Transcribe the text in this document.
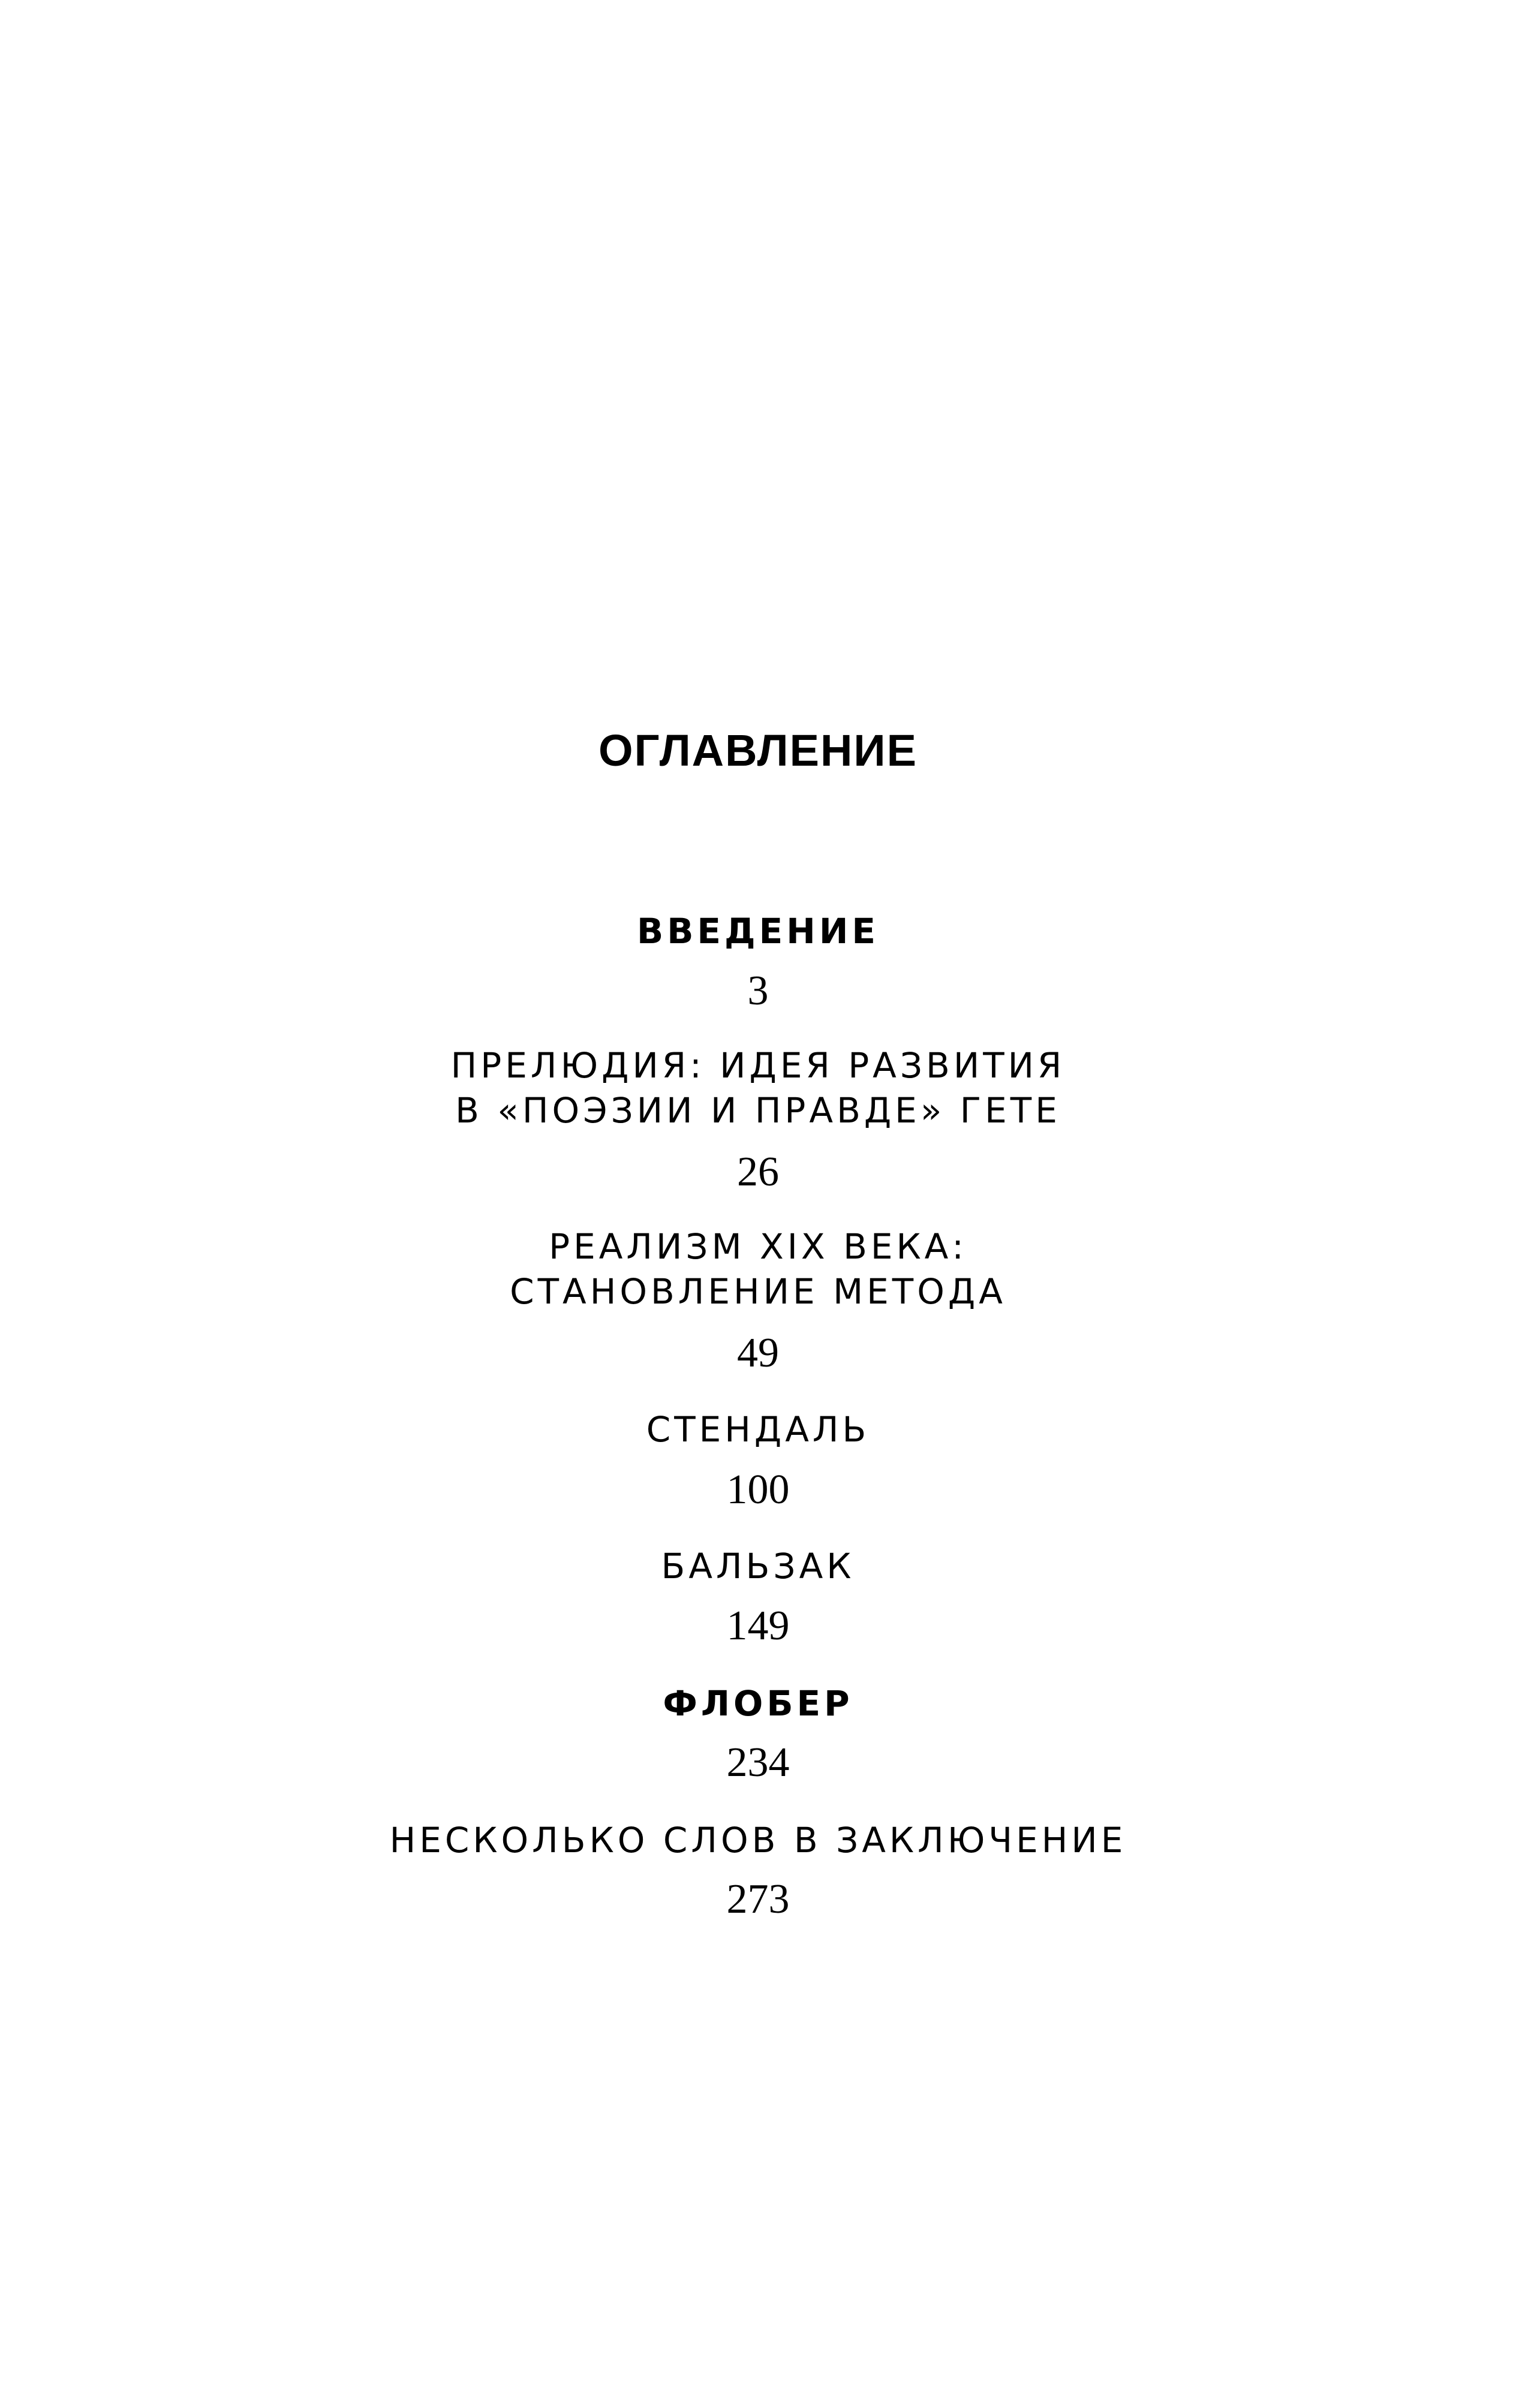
ОГЛАВЛЕНИЕ
ВВЕДЕНИЕ
3
ПРЕЛЮДИЯ: ИДЕЯ РАЗВИТИЯ
В «ПОЭЗИИ И ПРАВДЕ» ГЕТЕ
26
РЕАЛИЗМ XIX ВЕКА:
СТАНОВЛЕНИЕ МЕТОДА
49
СТЕНДАЛЬ
100
БАЛЬЗАК
149
ФЛОБЕР
234
НЕСКОЛЬКО СЛОВ В ЗАКЛЮЧЕНИЕ
273
